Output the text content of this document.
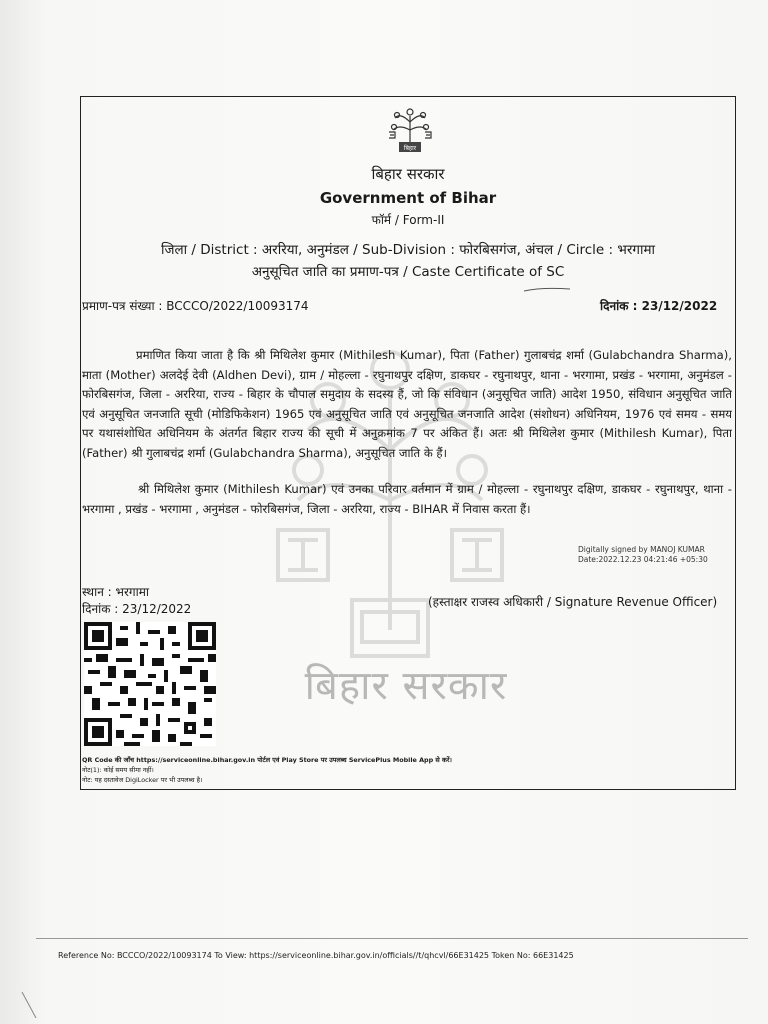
बिहार
बिहार सरकार
बिहार सरकार
Government of Bihar
फॉर्म / Form-II
जिला / District : अररिया, अनुमंडल / Sub-Division : फोरबिसगंज, अंचल / Circle : भरगामा
अनुसूचित जाति का प्रमाण-पत्र / Caste Certificate of SC
प्रमाण-पत्र संख्या : BCCCO/2022/10093174	दिनांक : 23/12/2022
प्रमाणित किया जाता है कि श्री मिथिलेश कुमार (Mithilesh Kumar), पिता (Father) गुलाबचंद्र शर्मा (Gulabchandra Sharma), माता (Mother) अलदेई देवी (Aldhen Devi), ग्राम / मोहल्ला - रघुनाथपुर दक्षिण, डाकघर - रघुनाथपुर, थाना - भरगामा, प्रखंड - भरगामा, अनुमंडल - फोरबिसगंज, जिला - अररिया, राज्य - बिहार के चौपाल समुदाय के सदस्य हैं, जो कि संविधान (अनुसूचित जाति) आदेश 1950, संविधान अनुसूचित जाति एवं अनुसूचित जनजाति सूची (मोडिफिकेशन) 1965 एवं अनुसूचित जाति एवं अनुसूचित जनजाति आदेश (संशोधन) अधिनियम, 1976 एवं समय - समय पर यथासंशोधित अधिनियम के अंतर्गत बिहार राज्य की सूची में अनुक्रमांक 7 पर अंकित हैं। अतः श्री मिथिलेश कुमार (Mithilesh Kumar), पिता (Father) श्री गुलाबचंद्र शर्मा (Gulabchandra Sharma), अनुसूचित जाति के हैं।
श्री मिथिलेश कुमार (Mithilesh Kumar) एवं उनका परिवार वर्तमान में ग्राम / मोहल्ला - रघुनाथपुर दक्षिण, डाकघर - रघुनाथपुर, थाना - भरगामा , प्रखंड - भरगामा , अनुमंडल - फोरबिसगंज, जिला - अररिया, राज्य - BIHAR में निवास करता हैं।
Digitally signed by MANOJ KUMAR
Date:2022.12.23 04:21:46 +05:30
स्थान : भरगामा
दिनांक : 23/12/2022	(हस्ताक्षर राजस्व अधिकारी / Signature Revenue Officer)
QR Code की जाँच https://serviceonline.bihar.gov.in पोर्टल एवं Play Store पर उपलब्ध ServicePlus Mobile App से करें।
नोट(1): कोई समय सीमा नहीं।
नोट: यह दस्तावेज DigiLocker पर भी उपलब्ध है।
Reference No: BCCCO/2022/10093174 To View: https://serviceonline.bihar.gov.in/officials//t/qhcvl/66E31425 Token No: 66E31425
